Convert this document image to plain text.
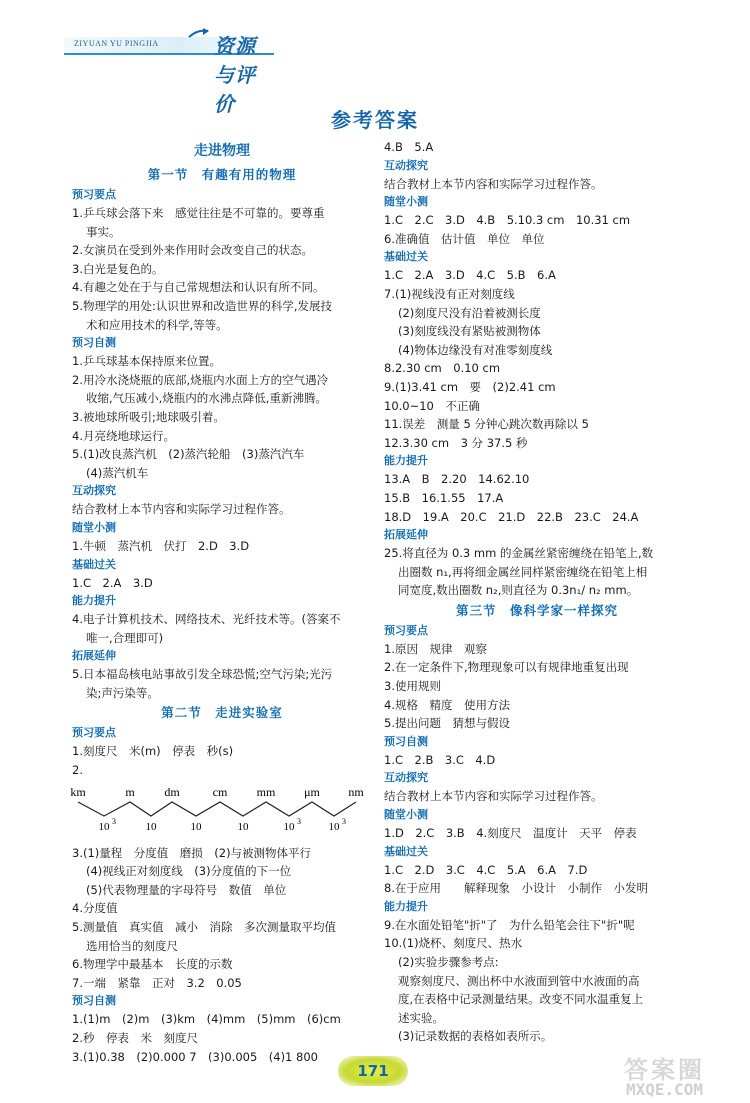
ZIYUAN YU PINGJIA	资源与评价
参考答案
走进物理
第一节　有趣有用的物理
预习要点
1.乒乓球会落下来　感觉往往是不可靠的。要尊重
事实。
2.女演员在受到外来作用时会改变自己的状态。
3.白光是复色的。
4.有趣之处在于与自己常规想法和认识有所不同。
5.物理学的用处:认识世界和改造世界的科学,发展技
术和应用技术的科学,等等。
预习自测
1.乒乓球基本保持原来位置。
2.用冷水浇烧瓶的底部,烧瓶内水面上方的空气遇冷
收缩,气压减小,烧瓶内的水沸点降低,重新沸腾。
3.被地球所吸引;地球吸引着。
4.月亮绕地球运行。
5.(1)改良蒸汽机　(2)蒸汽轮船　(3)蒸汽汽车
(4)蒸汽机车
互动探究
结合教材上本节内容和实际学习过程作答。
随堂小测
1.牛顿　蒸汽机　伏打　2.D　3.D
基础过关
1.C　2.A　3.D
能力提升
4.电子计算机技术、网络技术、光纤技术等。(答案不
唯一,合理即可)
拓展延伸
5.日本福岛核电站事故引发全球恐慌;空气污染;光污
染;声污染等。
第二节　走进实验室
预习要点
1.刻度尺　米(m)　停表　秒(s)
2.
km	m dm	cm mm μm nm
10 3	10	10	10	10 3	10 3
3.(1)量程　分度值　磨损　(2)与被测物体平行
(4)视线正对刻度线　(3)分度值的下一位
(5)代表物理量的字母符号　数值　单位
4.分度值
5.测量值　真实值　减小　消除　多次测量取平均值
选用恰当的刻度尺
6.物理学中最基本　长度的示数
7.一端　紧靠　正对　3.2　0.05
预习自测
1.(1)m　(2)m　(3)km　(4)mm　(5)mm　(6)cm
2.秒　停表　米　刻度尺
3.(1)0.38　(2)0.000 7　(3)0.005　(4)1 800
4.B　5.A
互动探究
结合教材上本节内容和实际学习过程作答。
随堂小测
1.C　2.C　3.D　4.B　5.10.3 cm　10.31 cm
6.准确值　估计值　单位　单位
基础过关
1.C　2.A　3.D　4.C　5.B　6.A
7.(1)视线没有正对刻度线
(2)刻度尺没有沿着被测长度
(3)刻度线没有紧贴被测物体
(4)物体边缘没有对准零刻度线
8.2.30 cm　0.10 cm
9.(1)3.41 cm　要　(2)2.41 cm
10.0~10　不正确
11.误差　测量 5 分钟心跳次数再除以 5
12.3.30 cm　3 分 37.5 秒
能力提升
13.A　B　2.20　14.62.10
15.B　16.1.55　17.A
18.D　19.A　20.C　21.D　22.B　23.C　24.A
拓展延伸
25.将直径为 0.3 mm 的金属丝紧密缠绕在铅笔上,数
出圈数 n₁,再将细金属丝同样紧密缠绕在铅笔上相
同宽度,数出圈数 n₂,则直径为 0.3n₁/ n₂ mm。
第三节　像科学家一样探究
预习要点
1.原因　规律　观察
2.在一定条件下,物理现象可以有规律地重复出现
3.使用规则
4.规格　精度　使用方法
5.提出问题　猜想与假设
预习自测
1.C　2.B　3.C　4.D
互动探究
结合教材上本节内容和实际学习过程作答。
随堂小测
1.D　2.C　3.B　4.刻度尺　温度计　天平　停表
基础过关
1.C　2.D　3.C　4.C　5.A　6.A　7.D
8.在于应用　　解释现象　小设计　小制作　小发明
能力提升
9.在水面处铅笔"折"了　为什么铅笔会往下"折"呢
10.(1)烧杯、刻度尺、热水
(2)实验步骤参考点:
观察刻度尺、测出杯中水液面到管中水液面的高
度,在表格中记录测量结果。改变不同水温重复上
述实验。
(3)记录数据的表格如表所示。
171	答案圈
MXQE.COM
